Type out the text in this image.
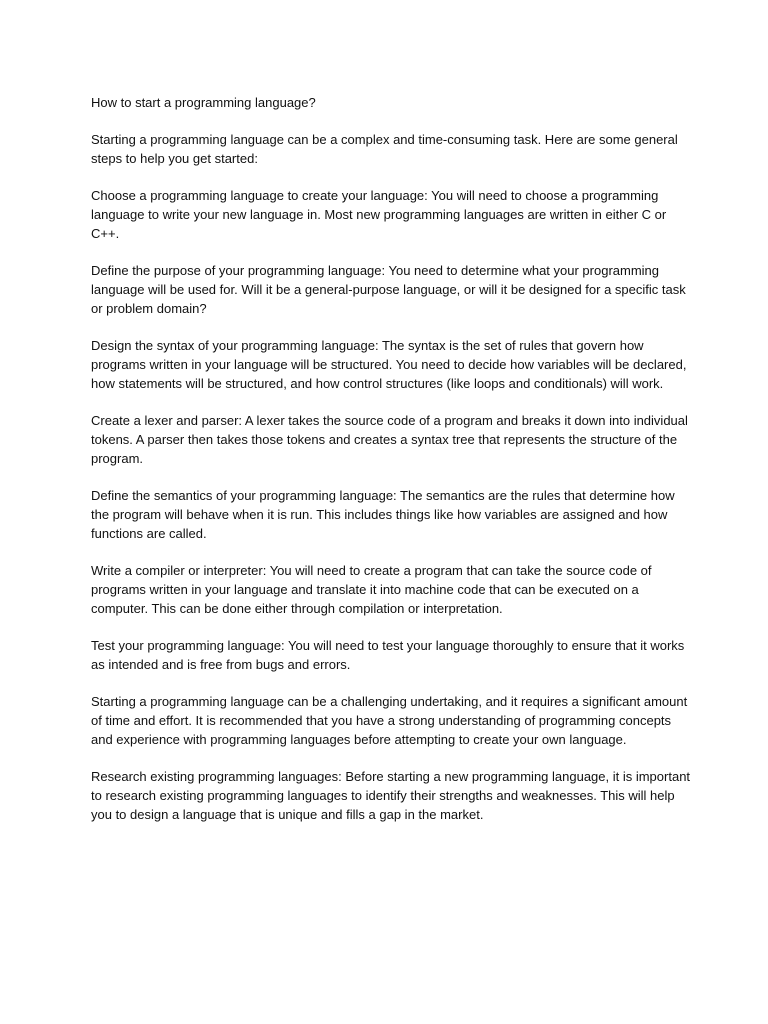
How to start a programming language?

Starting a programming language can be a complex and time-consuming task. Here are some general steps to help you get started:

Choose a programming language to create your language: You will need to choose a programming language to write your new language in. Most new programming languages are written in either C or C++.

Define the purpose of your programming language: You need to determine what your programming language will be used for. Will it be a general-purpose language, or will it be designed for a specific task or problem domain?

Design the syntax of your programming language: The syntax is the set of rules that govern how programs written in your language will be structured. You need to decide how variables will be declared, how statements will be structured, and how control structures (like loops and conditionals) will work.

Create a lexer and parser: A lexer takes the source code of a program and breaks it down into individual tokens. A parser then takes those tokens and creates a syntax tree that represents the structure of the program.

Define the semantics of your programming language: The semantics are the rules that determine how the program will behave when it is run. This includes things like how variables are assigned and how functions are called.

Write a compiler or interpreter: You will need to create a program that can take the source code of programs written in your language and translate it into machine code that can be executed on a computer. This can be done either through compilation or interpretation.

Test your programming language: You will need to test your language thoroughly to ensure that it works as intended and is free from bugs and errors.

Starting a programming language can be a challenging undertaking, and it requires a significant amount of time and effort. It is recommended that you have a strong understanding of programming concepts and experience with programming languages before attempting to create your own language.

Research existing programming languages: Before starting a new programming language, it is important to research existing programming languages to identify their strengths and weaknesses. This will help you to design a language that is unique and fills a gap in the market.
